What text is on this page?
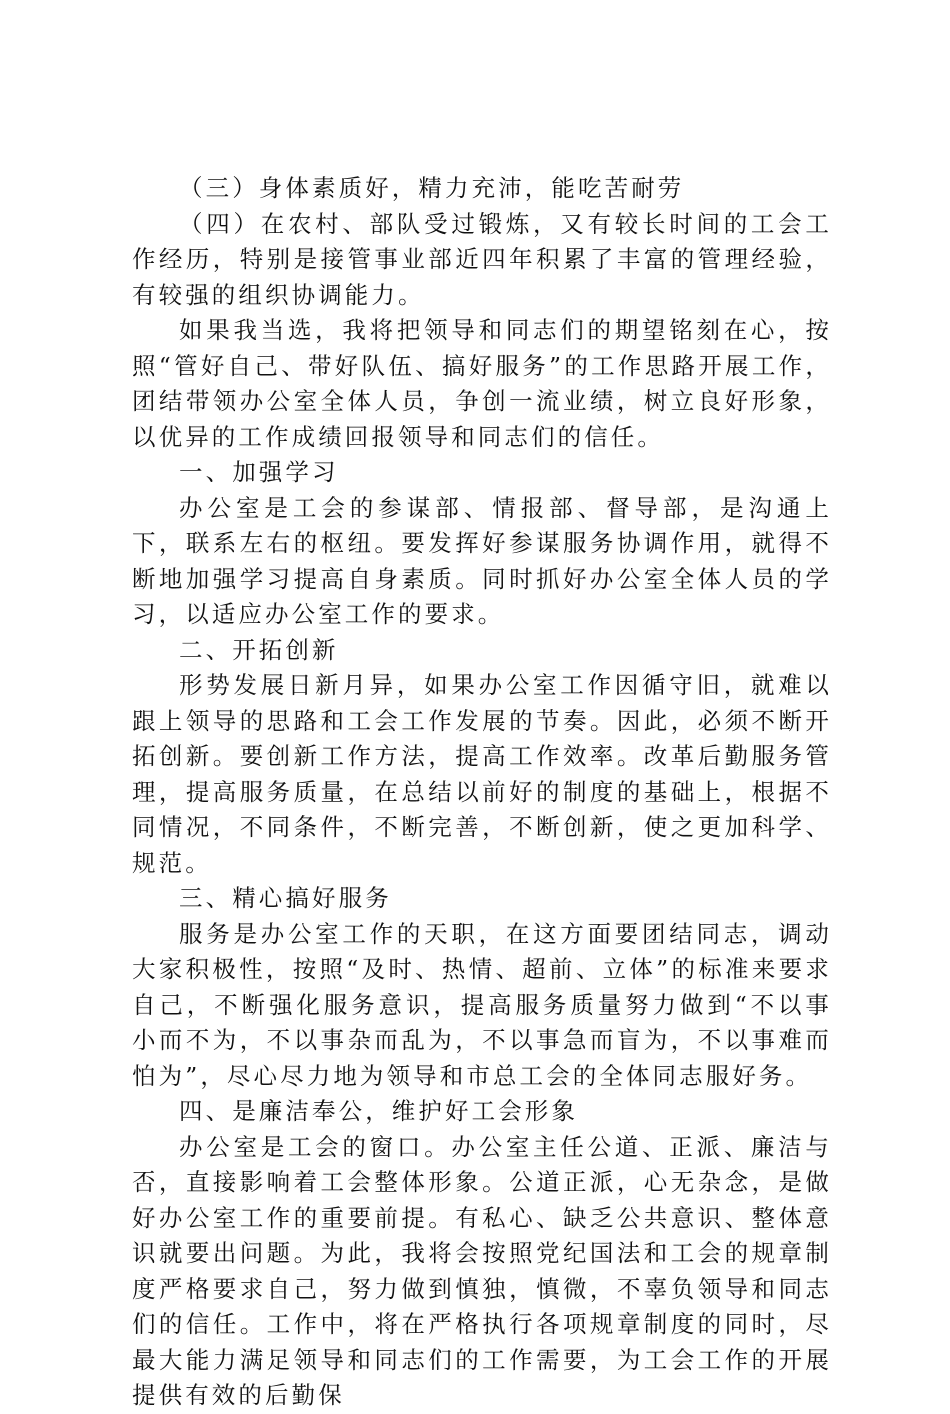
（三）身体素质好，精力充沛，能吃苦耐劳

（四）在农村、部队受过锻炼，又有较长时间的工会工作经历，特别是接管事业部近四年积累了丰富的管理经验，有较强的组织协调能力。

如果我当选，我将把领导和同志们的期望铭刻在心，按照“管好自己、带好队伍、搞好服务”的工作思路开展工作，团结带领办公室全体人员，争创一流业绩，树立良好形象，以优异的工作成绩回报领导和同志们的信任。

一、加强学习

办公室是工会的参谋部、情报部、督导部，是沟通上下，联系左右的枢纽。要发挥好参谋服务协调作用，就得不断地加强学习提高自身素质。同时抓好办公室全体人员的学习，以适应办公室工作的要求。

二、开拓创新

形势发展日新月异，如果办公室工作因循守旧，就难以跟上领导的思路和工会工作发展的节奏。因此，必须不断开拓创新。要创新工作方法，提高工作效率。改革后勤服务管理，提高服务质量，在总结以前好的制度的基础上，根据不同情况，不同条件，不断完善，不断创新，使之更加科学、规范。

三、精心搞好服务

服务是办公室工作的天职，在这方面要团结同志，调动大家积极性，按照“及时、热情、超前、立体”的标准来要求自己，不断强化服务意识，提高服务质量努力做到“不以事小而不为，不以事杂而乱为，不以事急而盲为，不以事难而怕为”，尽心尽力地为领导和市总工会的全体同志服好务。

四、是廉洁奉公，维护好工会形象

办公室是工会的窗口。办公室主任公道、正派、廉洁与否，直接影响着工会整体形象。公道正派，心无杂念，是做好办公室工作的重要前提。有私心、缺乏公共意识、整体意识就要出问题。为此，我将会按照党纪国法和工会的规章制度严格要求自己，努力做到慎独，慎微，不辜负领导和同志们的信任。工作中，将在严格执行各项规章制度的同时，尽最大能力满足领导和同志们的工作需要，为工会工作的开展提供有效的后勤保
